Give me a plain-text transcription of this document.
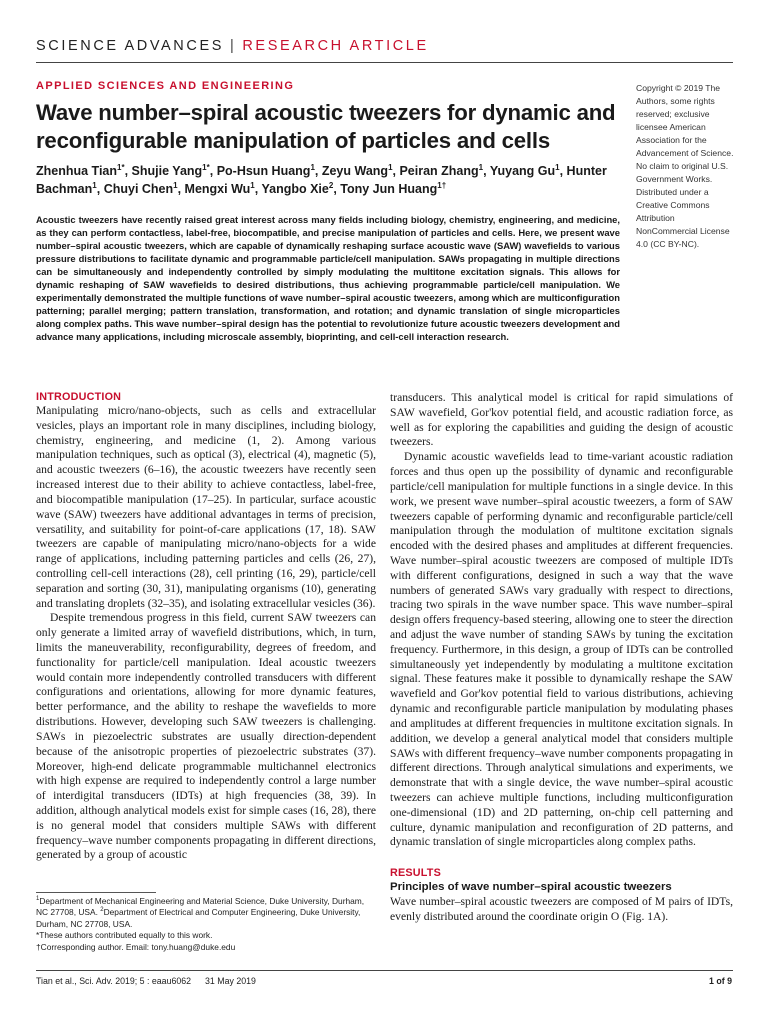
SCIENCE ADVANCES | RESEARCH ARTICLE
APPLIED SCIENCES AND ENGINEERING
Wave number–spiral acoustic tweezers for dynamic and reconfigurable manipulation of particles and cells

Zhenhua Tian$^{1*}$, Shujie Yang$^{1*}$, Po-Hsun Huang$^1$, Zeyu Wang$^1$, Peiran Zhang$^1$, Yuyang Gu$^1$, Hunter Bachman$^1$, Chuyi Chen$^1$, Mengxi Wu$^1$, Yangbo Xie$^2$, Tony Jun Huang$^{1\dagger}$

Copyright © 2019 The Authors, some rights reserved; exclusive licensee American Association for the Advancement of Science. No claim to original U.S. Government Works. Distributed under a Creative Commons Attribution NonCommercial License 4.0 (CC BY-NC).

Acoustic tweezers have recently raised great interest across many fields including biology, chemistry, engineering, and medicine, as they can perform contactless, label-free, biocompatible, and precise manipulation of particles and cells. Here, we present wave number–spiral acoustic tweezers, which are capable of dynamically reshaping surface acoustic wave (SAW) wavefields to various pressure distributions to facilitate dynamic and programmable particle/cell manipulation. SAWs propagating in multiple directions can be simultaneously and independently controlled by simply modulating the multitone excitation signals. This allows for dynamic reshaping of SAW wavefields to desired distributions, thus achieving programmable particle/cell manipulation. We experimentally demonstrated the multiple functions of wave number–spiral acoustic tweezers, among which are multiconfiguration patterning; parallel merging; pattern translation, transformation, and rotation; and dynamic translation of single microparticles along complex paths. This wave number–spiral design has the potential to revolutionize future acoustic tweezers development and advance many applications, including microscale assembly, bioprinting, and cell-cell interaction research.

INTRODUCTION

Manipulating micro/nano-objects, such as cells and extracellular vesicles, plays an important role in many disciplines, including biology, chemistry, engineering, and medicine (1, 2). Among various manipulation techniques, such as optical (3), electrical (4), magnetic (5), and acoustic tweezers (6–16), the acoustic tweezers have recently seen increased interest due to their ability to achieve contactless, label-free, and biocompatible manipulation (17–25). In particular, surface acoustic wave (SAW) tweezers have additional advantages in terms of precision, versatility, and suitability for point-of-care applications (17, 18). SAW tweezers are capable of manipulating micro/nano-objects for a wide range of applications, including patterning particles and cells (26, 27), controlling cell-cell interactions (28), cell printing (16, 29), particle/cell separation and sorting (30, 31), manipulating organisms (10), generating and translating droplets (32–35), and isolating extracellular vesicles (36).

Despite tremendous progress in this field, current SAW tweezers can only generate a limited array of wavefield distributions, which, in turn, limits the maneuverability, reconfigurability, degrees of freedom, and functionality for particle/cell manipulation. Ideal acoustic tweezers would contain more independently controlled transducers with different configurations and orientations, allowing for more dynamic features, better performance, and the ability to reshape the wavefields to more distributions. However, developing such SAW tweezers is challenging. SAWs in piezoelectric substrates are usually direction-dependent because of the anisotropic properties of piezoelectric substrates (37). Moreover, high-end delicate programmable multichannel electronics with high expense are required to independently control a large number of interdigital transducers (IDTs) at high frequencies (38, 39). In addition, although analytical models exist for simple cases (16, 28), there is no general model that considers multiple SAWs with different frequency–wave number components propagating in different directions, generated by a group of acoustic

transducers. This analytical model is critical for rapid simulations of SAW wavefield, Gor'kov potential field, and acoustic radiation force, as well as for exploring the capabilities and guiding the design of acoustic tweezers.

Dynamic acoustic wavefields lead to time-variant acoustic radiation forces and thus open up the possibility of dynamic and reconfigurable particle/cell manipulation for multiple functions in a single device. In this work, we present wave number–spiral acoustic tweezers, a form of SAW tweezers capable of performing dynamic and reconfigurable particle/cell manipulation through the modulation of multitone excitation signals encoded with the desired phases and amplitudes at different frequencies. Wave number–spiral acoustic tweezers are composed of multiple IDTs with different configurations, designed in such a way that the wave numbers of generated SAWs vary gradually with respect to directions, tracing two spirals in the wave number space. This wave number–spiral design offers frequency-based steering, allowing one to steer the direction and adjust the wave number of standing SAWs by tuning the excitation frequency. Furthermore, in this design, a group of IDTs can be controlled simultaneously yet independently by modulating a multitone excitation signal. These features make it possible to dynamically reshape the SAW wavefield and Gor'kov potential field to various distributions, achieving dynamic and reconfigurable particle manipulation by modulating phases and amplitudes at different frequencies in multitone excitation signals. In addition, we develop a general analytical model that considers multiple SAWs with different frequency–wave number components propagating in different directions. Through analytical simulations and experiments, we demonstrate that with a single device, the wave number–spiral acoustic tweezers can achieve multiple functions, including multiconfiguration one-dimensional (1D) and 2D patterning, on-chip cell patterning and culture, dynamic manipulation and reconfiguration of 2D patterns, and dynamic translation of single microparticles along complex paths.

RESULTS
Principles of wave number–spiral acoustic tweezers

Wave number–spiral acoustic tweezers are composed of M pairs of IDTs, evenly distributed around the coordinate origin O (Fig. 1A).

$^1$Department of Mechanical Engineering and Material Science, Duke University, Durham, NC 27708, USA. $^2$Department of Electrical and Computer Engineering, Duke University, Durham, NC 27708, USA.
*These authors contributed equally to this work.
†Corresponding author. Email: tony.huang@duke.edu
Tian et al., Sci. Adv. 2019; 5 : eaau6062 31 May 2019	1 of 9
